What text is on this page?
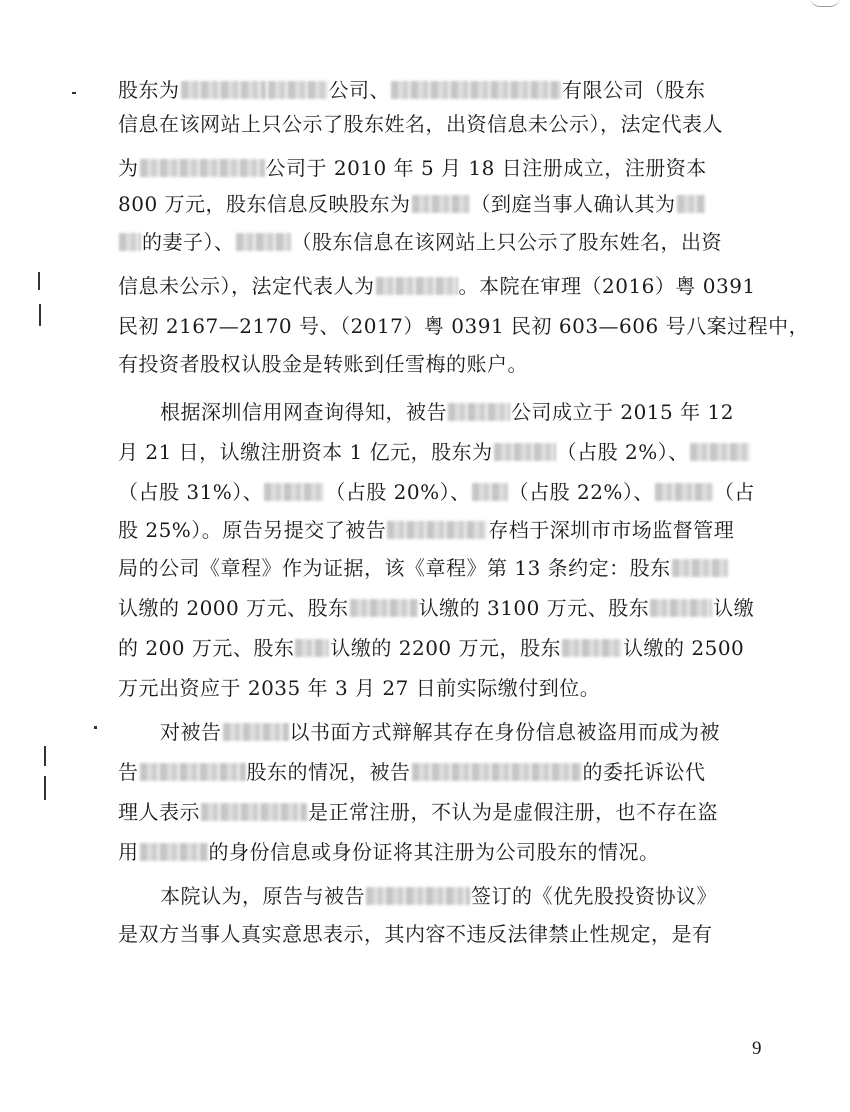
股东为	公司、	有限公司（股东
信息在该网站上只公示了股东姓名，出资信息未公示），法定代表人
为	公司于 2010 年 5 月 18 日注册成立，注册资本
800 万元，股东信息反映股东为	（到庭当事人确认其为
的妻子）、	（股东信息在该网站上只公示了股东姓名，出资
信息未公示），法定代表人为	。本院在审理（2016）粤 0391
民初 2167—2170 号、（2017）粤 0391 民初 603—606 号八案过程中，
有投资者股权认股金是转账到任雪梅的账户。
根据深圳信用网查询得知，被告	公司成立于 2015 年 12
月 21 日，认缴注册资本 1 亿元，股东为	（占股 2%）、
（占股 31%）、	（占股 20%）、 （占股 22%）、	（占
股 25%）。原告另提交了被告	存档于深圳市市场监督管理
局的公司《章程》作为证据，该《章程》第 13 条约定：股东
认缴的 2000 万元、股东	认缴的 3100 万元、股东	认缴
的 200 万元、股东 认缴的 2200 万元，股东	认缴的 2500
万元出资应于 2035 年 3 月 27 日前实际缴付到位。
对被告	以书面方式辩解其存在身份信息被盗用而成为被
告	股东的情况，被告	的委托诉讼代
理人表示	是正常注册，不认为是虚假注册，也不存在盗
用	的身份信息或身份证将其注册为公司股东的情况。
本院认为，原告与被告	签订的《优先股投资协议》
是双方当事人真实意思表示，其内容不违反法律禁止性规定，是有
9
